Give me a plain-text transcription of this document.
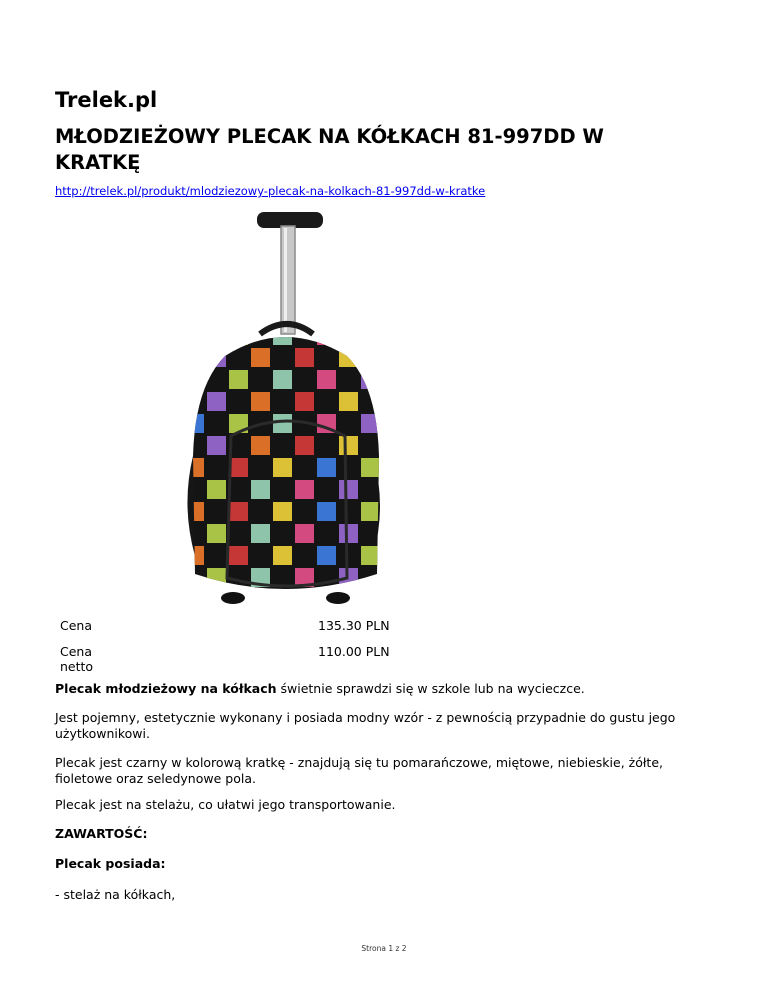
Trelek.pl
MŁODZIEŻOWY PLECAK NA KÓŁKACH 81-997DD W KRATKĘ
http://trelek.pl/produkt/mlodziezowy-plecak-na-kolkach-81-997dd-w-kratke
Cena	135.30 PLN
Cena netto
110.00 PLN

Plecak młodzieżowy na kółkach świetnie sprawdzi się w szkole lub na wycieczce.

Jest pojemny, estetycznie wykonany i posiada modny wzór - z pewnością przypadnie do gustu jego użytkownikowi.

Plecak jest czarny w kolorową kratkę - znajdują się tu pomarańczowe, miętowe, niebieskie, żółte, fioletowe oraz seledynowe pola.

Plecak jest na stelażu, co ułatwi jego transportowanie.

ZAWARTOŚĆ:

Plecak posiada:

- stelaż na kółkach,

Strona 1 z 2
